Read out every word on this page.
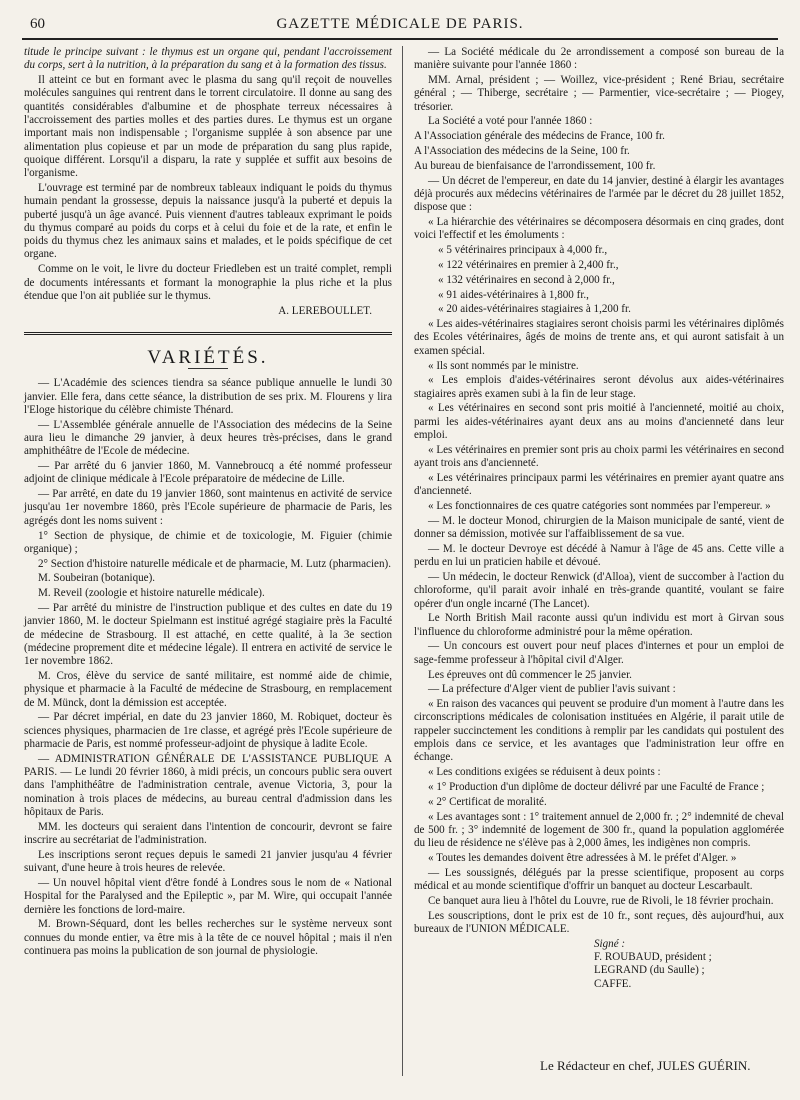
60	GAZETTE MÉDICALE DE PARIS.

titude le principe suivant : le thymus est un organe qui, pendant l'accroissement du corps, sert à la nutrition, à la préparation du sang et à la formation des tissus.

Il atteint ce but en formant avec le plasma du sang qu'il reçoit de nouvelles molécules sanguines qui rentrent dans le torrent circulatoire. Il donne au sang des quantités considérables d'albumine et de phosphate terreux nécessaires à l'accroissement des parties molles et des parties dures. Le thymus est un organe important mais non indispensable ; l'organisme supplée à son absence par une alimentation plus copieuse et par un mode de préparation du sang plus rapide, quoique différent. Lorsqu'il a disparu, la rate y supplée et suffit aux besoins de l'organisme.

L'ouvrage est terminé par de nombreux tableaux indiquant le poids du thymus humain pendant la grossesse, depuis la naissance jusqu'à la puberté et depuis la puberté jusqu'à un âge avancé. Puis viennent d'autres tableaux exprimant le poids du thymus comparé au poids du corps et à celui du foie et de la rate, et enfin le poids du thymus chez les animaux sains et malades, et le poids spécifique de cet organe.

Comme on le voit, le livre du docteur Friedleben est un traité complet, rempli de documents intéressants et formant la monographie la plus riche et la plus étendue que l'on ait publiée sur le thymus.

A. LEREBOULLET.

VARIÉTÉS.

— L'Académie des sciences tiendra sa séance publique annuelle le lundi 30 janvier. Elle fera, dans cette séance, la distribution de ses prix. M. Flourens y lira l'Eloge historique du célèbre chimiste Thénard.

— L'Assemblée générale annuelle de l'Association des médecins de la Seine aura lieu le dimanche 29 janvier, à deux heures très-précises, dans le grand amphithéâtre de l'Ecole de médecine.

— Par arrêté du 6 janvier 1860, M. Vannebroucq a été nommé professeur adjoint de clinique médicale à l'Ecole préparatoire de médecine de Lille.

— Par arrêté, en date du 19 janvier 1860, sont maintenus en activité de service jusqu'au 1er novembre 1860, près l'Ecole supérieure de pharmacie de Paris, les agrégés dont les noms suivent :

1° Section de physique, de chimie et de toxicologie, M. Figuier (chimie organique) ;

2° Section d'histoire naturelle médicale et de pharmacie, M. Lutz (pharmacien).

M. Soubeiran (botanique).

M. Reveil (zoologie et histoire naturelle médicale).

— Par arrêté du ministre de l'instruction publique et des cultes en date du 19 janvier 1860, M. le docteur Spielmann est institué agrégé stagiaire près la Faculté de médecine de Strasbourg. Il est attaché, en cette qualité, à la 3e section (médecine proprement dite et médecine légale). Il entrera en activité de service le 1er novembre 1862.

M. Cros, élève du service de santé militaire, est nommé aide de chimie, physique et pharmacie à la Faculté de médecine de Strasbourg, en remplacement de M. Münck, dont la démission est acceptée.

— Par décret impérial, en date du 23 janvier 1860, M. Robiquet, docteur ès sciences physiques, pharmacien de 1re classe, et agrégé près l'Ecole supérieure de pharmacie de Paris, est nommé professeur-adjoint de physique à ladite Ecole.

— ADMINISTRATION GÉNÉRALE DE L'ASSISTANCE PUBLIQUE A PARIS. — Le lundi 20 février 1860, à midi précis, un concours public sera ouvert dans l'amphithéâtre de l'administration centrale, avenue Victoria, 3, pour la nomination à trois places de médecins, au bureau central d'admission dans les hôpitaux de Paris.

MM. les docteurs qui seraient dans l'intention de concourir, devront se faire inscrire au secrétariat de l'administration.

Les inscriptions seront reçues depuis le samedi 21 janvier jusqu'au 4 février suivant, d'une heure à trois heures de relevée.

— Un nouvel hôpital vient d'être fondé à Londres sous le nom de « National Hospital for the Paralysed and the Epileptic », par M. Wire, qui occupait l'année dernière les fonctions de lord-maire.

M. Brown-Séquard, dont les belles recherches sur le système nerveux sont connues du monde entier, va être mis à la tête de ce nouvel hôpital ; mais il n'en continuera pas moins la publication de son journal de physiologie.

— La Société médicale du 2e arrondissement a composé son bureau de la manière suivante pour l'année 1860 :

MM. Arnal, président ; — Woillez, vice-président ; René Briau, secrétaire général ; — Thiberge, secrétaire ; — Parmentier, vice-secrétaire ; — Piogey, trésorier.

La Société a voté pour l'année 1860 :

A l'Association générale des médecins de France, 100 fr.

A l'Association des médecins de la Seine, 100 fr.

Au bureau de bienfaisance de l'arrondissement, 100 fr.

— Un décret de l'empereur, en date du 14 janvier, destiné à élargir les avantages déjà procurés aux médecins vétérinaires de l'armée par le décret du 28 juillet 1852, dispose que :

« La hiérarchie des vétérinaires se décomposera désormais en cinq grades, dont voici l'effectif et les émoluments :

« 5 vétérinaires principaux à 4,000 fr.,

« 122 vétérinaires en premier à 2,400 fr.,

« 132 vétérinaires en second à 2,000 fr.,

« 91 aides-vétérinaires à 1,800 fr.,

« 20 aides-vétérinaires stagiaires à 1,200 fr.

« Les aides-vétérinaires stagiaires seront choisis parmi les vétérinaires diplômés des Ecoles vétérinaires, âgés de moins de trente ans, et qui auront satisfait à un examen spécial.

« Ils sont nommés par le ministre.

« Les emplois d'aides-vétérinaires seront dévolus aux aides-vétérinaires stagiaires après examen subi à la fin de leur stage.

« Les vétérinaires en second sont pris moitié à l'ancienneté, moitié au choix, parmi les aides-vétérinaires ayant deux ans au moins d'ancienneté dans leur emploi.

« Les vétérinaires en premier sont pris au choix parmi les vétérinaires en second ayant trois ans d'ancienneté.

« Les vétérinaires principaux parmi les vétérinaires en premier ayant quatre ans d'ancienneté.

« Les fonctionnaires de ces quatre catégories sont nommées par l'empereur. »

— M. le docteur Monod, chirurgien de la Maison municipale de santé, vient de donner sa démission, motivée sur l'affaiblissement de sa vue.

— M. le docteur Devroye est décédé à Namur à l'âge de 45 ans. Cette ville a perdu en lui un praticien habile et dévoué.

— Un médecin, le docteur Renwick (d'Alloa), vient de succomber à l'action du chloroforme, qu'il parait avoir inhalé en très-grande quantité, voulant se faire opérer d'un ongle incarné (The Lancet).

Le North British Mail raconte aussi qu'un individu est mort à Girvan sous l'influence du chloroforme administré pour la même opération.

— Un concours est ouvert pour neuf places d'internes et pour un emploi de sage-femme professeur à l'hôpital civil d'Alger.

Les épreuves ont dû commencer le 25 janvier.

— La préfecture d'Alger vient de publier l'avis suivant :

« En raison des vacances qui peuvent se produire d'un moment à l'autre dans les circonscriptions médicales de colonisation instituées en Algérie, il parait utile de rappeler succinctement les conditions à remplir par les candidats qui postulent des emplois dans ce service, et les avantages que l'administration leur offre en échange.

« Les conditions exigées se réduisent à deux points :

« 1° Production d'un diplôme de docteur délivré par une Faculté de France ;

« 2° Certificat de moralité.

« Les avantages sont : 1° traitement annuel de 2,000 fr. ; 2° indemnité de cheval de 500 fr. ; 3° indemnité de logement de 300 fr., quand la population agglomérée du lieu de résidence ne s'élève pas à 2,000 âmes, les indigènes non compris.

« Toutes les demandes doivent être adressées à M. le préfet d'Alger. »

— Les soussignés, délégués par la presse scientifique, proposent au corps médical et au monde scientifique d'offrir un banquet au docteur Lescarbault.

Ce banquet aura lieu à l'hôtel du Louvre, rue de Rivoli, le 18 février prochain.

Les souscriptions, dont le prix est de 10 fr., sont reçues, dès aujourd'hui, aux bureaux de l'UNION MÉDICALE.

Signé :
F. ROUBAUD, président ;
LEGRAND (du Saulle) ;
CAFFE.

Le Rédacteur en chef, JULES GUÉRIN.
